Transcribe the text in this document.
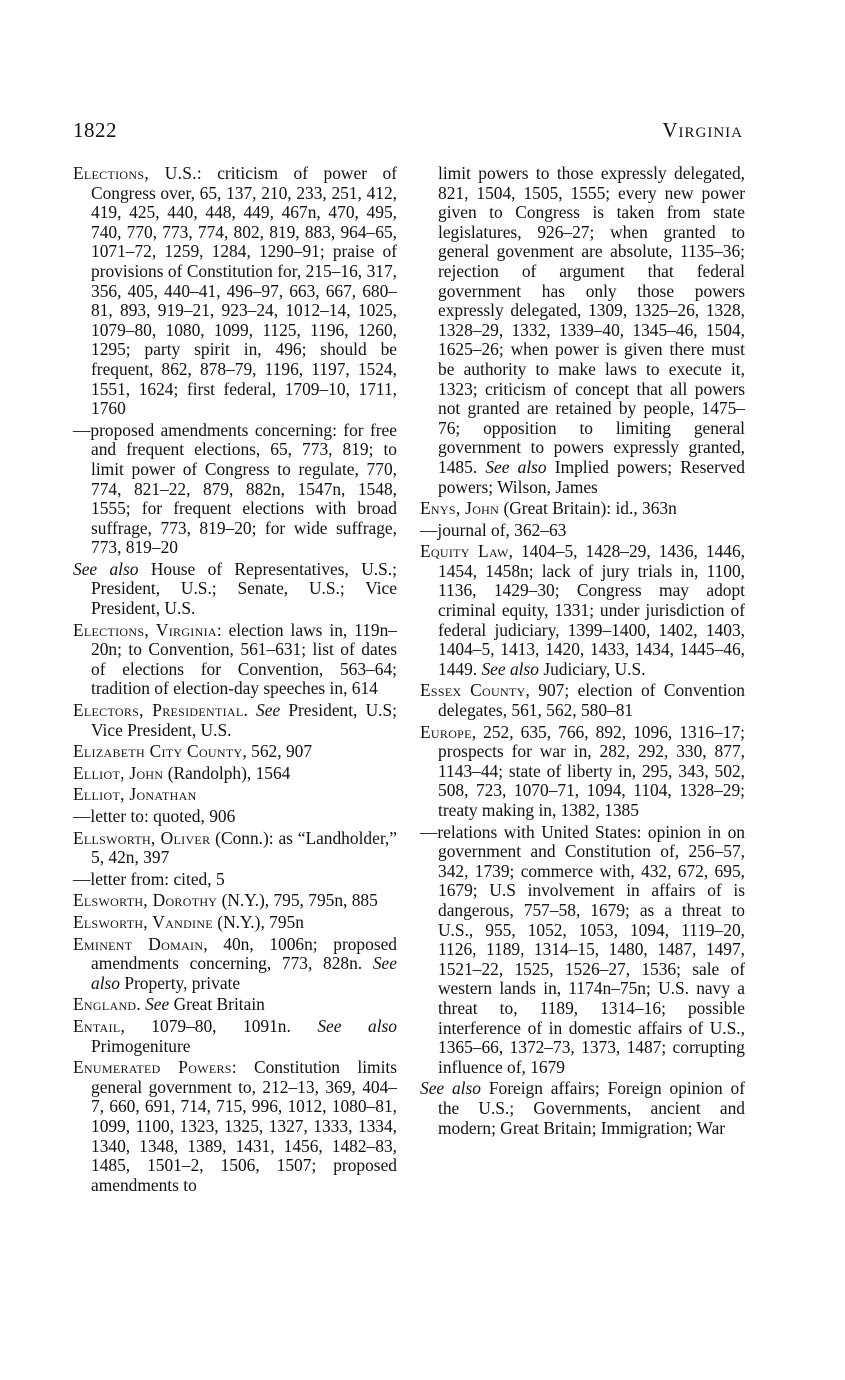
1822	Virginia

Elections, U.S.: criticism of power of Congress over, 65, 137, 210, 233, 251, 412, 419, 425, 440, 448, 449, 467n, 470, 495, 740, 770, 773, 774, 802, 819, 883, 964–65, 1071–72, 1259, 1284, 1290–91; praise of provisions of Constitution for, 215–16, 317, 356, 405, 440–41, 496–97, 663, 667, 680–81, 893, 919–21, 923–24, 1012–14, 1025, 1079–80, 1080, 1099, 1125, 1196, 1260, 1295; party spirit in, 496; should be frequent, 862, 878–79, 1196, 1197, 1524, 1551, 1624; first federal, 1709–10, 1711, 1760

—proposed amendments concerning: for free and frequent elections, 65, 773, 819; to limit power of Congress to regulate, 770, 774, 821–22, 879, 882n, 1547n, 1548, 1555; for frequent elections with broad suffrage, 773, 819–20; for wide suffrage, 773, 819–20

See also House of Representatives, U.S.; President, U.S.; Senate, U.S.; Vice President, U.S.

Elections, Virginia: election laws in, 119n–20n; to Convention, 561–631; list of dates of elections for Convention, 563–64; tradition of election-day speeches in, 614

Electors, Presidential. See President, U.S; Vice President, U.S.

Elizabeth City County, 562, 907

Elliot, John (Randolph), 1564

Elliot, Jonathan

—letter to: quoted, 906

Ellsworth, Oliver (Conn.): as “Landholder,” 5, 42n, 397

—letter from: cited, 5

Elsworth, Dorothy (N.Y.), 795, 795n, 885

Elsworth, Vandine (N.Y.), 795n

Eminent Domain, 40n, 1006n; proposed amendments concerning, 773, 828n. See also Property, private

England. See Great Britain

Entail, 1079–80, 1091n. See also Primogeniture

Enumerated Powers: Constitution limits general government to, 212–13, 369, 404–7, 660, 691, 714, 715, 996, 1012, 1080–81, 1099, 1100, 1323, 1325, 1327, 1333, 1334, 1340, 1348, 1389, 1431, 1456, 1482–83, 1485, 1501–2, 1506, 1507; proposed amendments to

limit powers to those expressly delegated, 821, 1504, 1505, 1555; every new power given to Congress is taken from state legislatures, 926–27; when granted to general govenment are absolute, 1135–36; rejection of argument that federal government has only those powers expressly delegated, 1309, 1325–26, 1328, 1328–29, 1332, 1339–40, 1345–46, 1504, 1625–26; when power is given there must be authority to make laws to execute it, 1323; criticism of concept that all powers not granted are retained by people, 1475–76; opposition to limiting general government to powers expressly granted, 1485. See also Implied powers; Reserved powers; Wilson, James

Enys, John (Great Britain): id., 363n

—journal of, 362–63

Equity Law, 1404–5, 1428–29, 1436, 1446, 1454, 1458n; lack of jury trials in, 1100, 1136, 1429–30; Congress may adopt criminal equity, 1331; under jurisdiction of federal judiciary, 1399–1400, 1402, 1403, 1404–5, 1413, 1420, 1433, 1434, 1445–46, 1449. See also Judiciary, U.S.

Essex County, 907; election of Convention delegates, 561, 562, 580–81

Europe, 252, 635, 766, 892, 1096, 1316–17; prospects for war in, 282, 292, 330, 877, 1143–44; state of liberty in, 295, 343, 502, 508, 723, 1070–71, 1094, 1104, 1328–29; treaty making in, 1382, 1385

—relations with United States: opinion in on government and Constitution of, 256–57, 342, 1739; commerce with, 432, 672, 695, 1679; U.S involvement in affairs of is dangerous, 757–58, 1679; as a threat to U.S., 955, 1052, 1053, 1094, 1119–20, 1126, 1189, 1314–15, 1480, 1487, 1497, 1521–22, 1525, 1526–27, 1536; sale of western lands in, 1174n–75n; U.S. navy a threat to, 1189, 1314–16; possible interference of in domestic affairs of U.S., 1365–66, 1372–73, 1373, 1487; corrupting influence of, 1679

See also Foreign affairs; Foreign opinion of the U.S.; Governments, ancient and modern; Great Britain; Immigration; War
